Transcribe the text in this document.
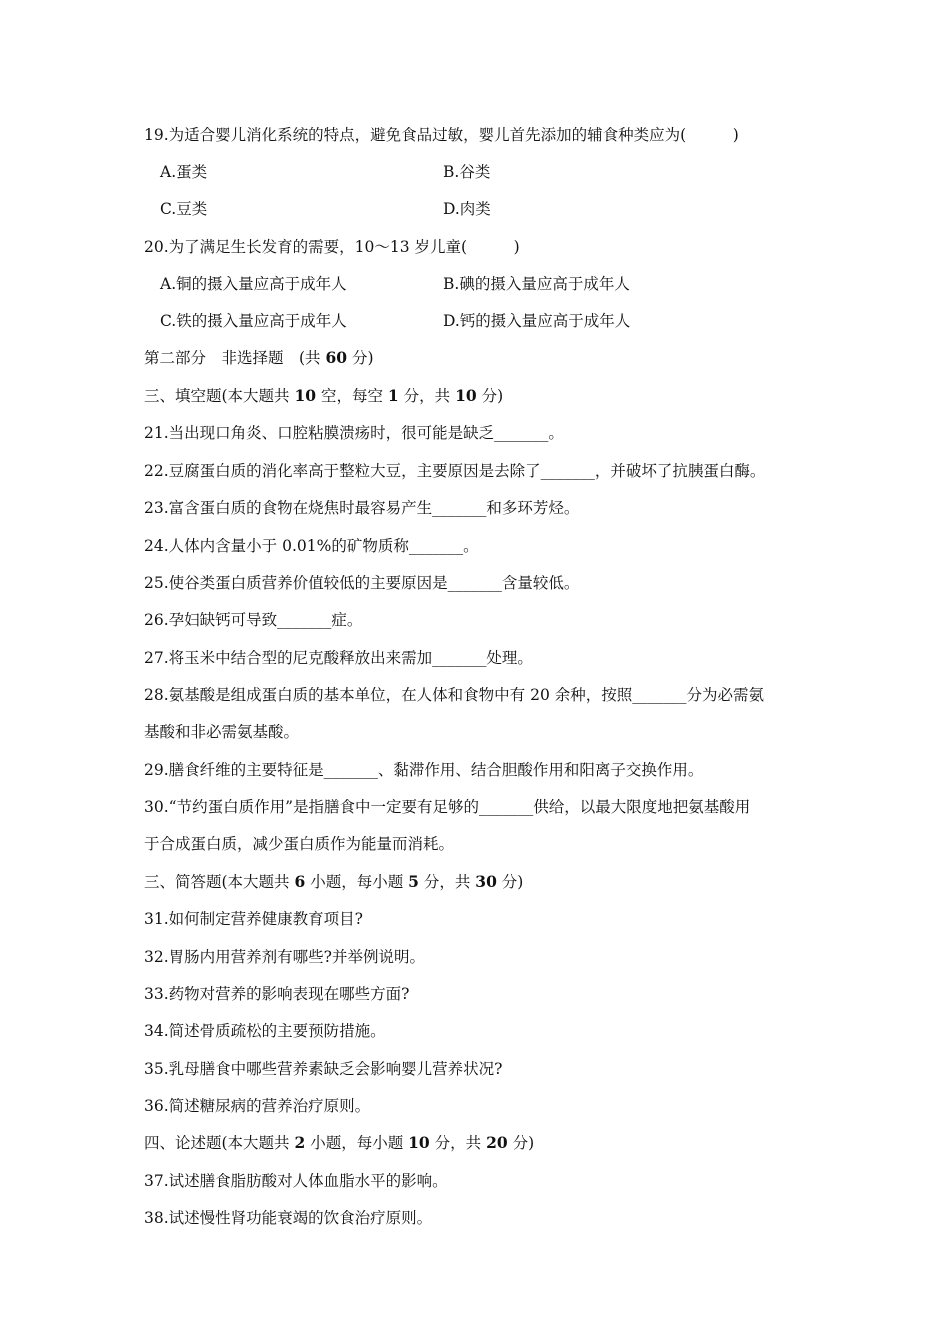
19.为适合婴儿消化系统的特点，避免食品过敏，婴儿首先添加的辅食种类应为(　　　)
A.蛋类	B.谷类
C.豆类	D.肉类
20.为了满足生长发育的需要，10～13 岁儿童(　　　)
A.铜的摄入量应高于成年人	B.碘的摄入量应高于成年人
C.铁的摄入量应高于成年人	D.钙的摄入量应高于成年人
第二部分　非选择题　(共 60 分)
三、填空题(本大题共 10 空，每空 1 分，共 10 分)
21.当出现口角炎、口腔粘膜溃疡时，很可能是缺乏_______。
22.豆腐蛋白质的消化率高于整粒大豆，主要原因是去除了_______，并破坏了抗胰蛋白酶。
23.富含蛋白质的食物在烧焦时最容易产生_______和多环芳烃。
24.人体内含量小于 0.01%的矿物质称_______。
25.使谷类蛋白质营养价值较低的主要原因是_______含量较低。
26.孕妇缺钙可导致_______症。
27.将玉米中结合型的尼克酸释放出来需加_______处理。
28.氨基酸是组成蛋白质的基本单位，在人体和食物中有 20 余种，按照_______分为必需氨
基酸和非必需氨基酸。
29.膳食纤维的主要特征是_______、黏滞作用、结合胆酸作用和阳离子交换作用。
30.“节约蛋白质作用”是指膳食中一定要有足够的_______供给，以最大限度地把氨基酸用
于合成蛋白质，减少蛋白质作为能量而消耗。
三、简答题(本大题共 6 小题，每小题 5 分，共 30 分)
31.如何制定营养健康教育项目?
32.胃肠内用营养剂有哪些?并举例说明。
33.药物对营养的影响表现在哪些方面?
34.简述骨质疏松的主要预防措施。
35.乳母膳食中哪些营养素缺乏会影响婴儿营养状况?
36.简述糖尿病的营养治疗原则。
四、论述题(本大题共 2 小题，每小题 10 分，共 20 分)
37.试述膳食脂肪酸对人体血脂水平的影响。
38.试述慢性肾功能衰竭的饮食治疗原则。
